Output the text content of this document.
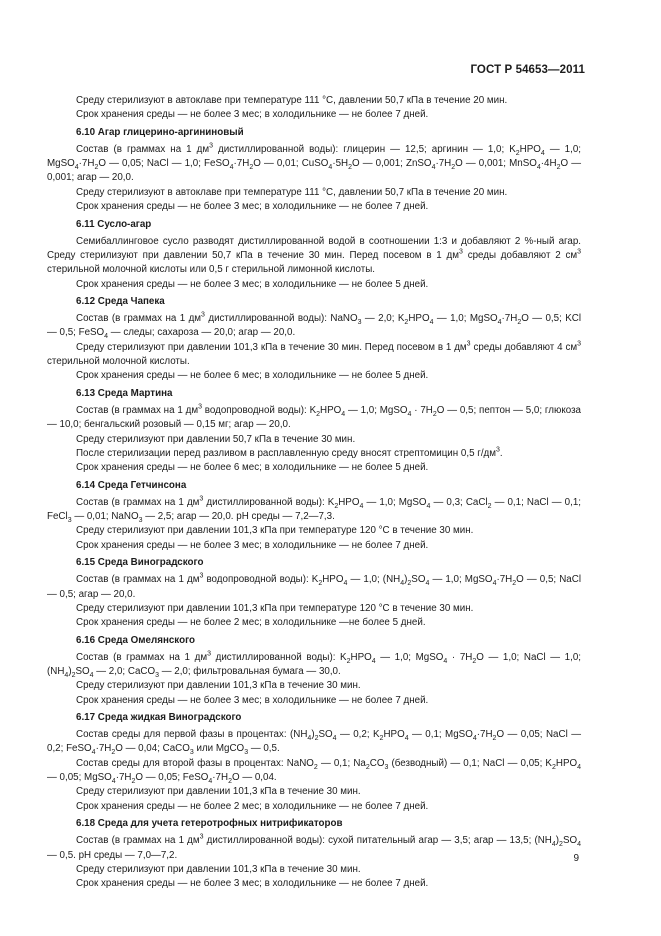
ГОСТ Р 54653—2011

Среду стерилизуют в автоклаве при температуре 111 °С, давлении 50,7 кПа в течение 20 мин.

Срок хранения среды — не более 3 мес; в холодильнике — не более 7 дней.

6.10 Агар глицерино-аргининовый

Состав (в граммах на 1 $дм^3$ дистиллированной воды): глицерин — 12,5; аргинин — 1,0; $K_2HPO_4$ — 1,0; $MgSO_4\cdot 7H_2O$ — 0,05; NaCl — 1,0; $FeSO_4\cdot 7H_2O$ — 0,01; $CuSO_4\cdot 5H_2O$ — 0,001; $ZnSO_4\cdot 7H_2O$ — 0,001; $MnSO_4\cdot 4H_2O$ — 0,001; агар — 20,0.

Среду стерилизуют в автоклаве при температуре 111 °С, давлении 50,7 кПа в течение 20 мин.

Срок хранения среды — не более 3 мес; в холодильнике — не более 7 дней.

6.11 Сусло-агар

Семибаллинговое сусло разводят дистиллированной водой в соотношении 1:3 и добавляют 2 %-ный агар. Среду стерилизуют при давлении 50,7 кПа в течение 30 мин. Перед посевом в 1 $дм^3$ среды добавляют 2 $см^3$ стерильной молочной кислоты или 0,5 г стерильной лимонной кислоты.

Срок хранения среды — не более 3 мес; в холодильнике — не более 5 дней.

6.12 Среда Чапека

Состав (в граммах на 1 $дм^3$ дистиллированной воды): NaNO$_3$ — 2,0; $K_2HPO_4$ — 1,0; $MgSO_4\cdot 7H_2O$ — 0,5; KCl — 0,5; FeSO$_4$ — следы; сахароза — 20,0; агар — 20,0.

Среду стерилизуют при давлении 101,3 кПа в течение 30 мин. Перед посевом в 1 $дм^3$ среды добавляют 4 $см^3$ стерильной молочной кислоты.

Срок хранения среды — не более 6 мес; в холодильнике — не более 5 дней.

6.13 Среда Мартина

Состав (в граммах на 1 $дм^3$ водопроводной воды): $K_2HPO_4$ — 1,0; MgSO$_4$ · $7H_2O$ — 0,5; пептон — 5,0; глюкоза — 10,0; бенгальский розовый — 0,15 мг; агар — 20,0.

Среду стерилизуют при давлении 50,7 кПа в течение 30 мин.

После стерилизации перед разливом в расплавленную среду вносят стрептомицин 0,5 $г/дм^3$.

Срок хранения среды — не более 6 мес; в холодильнике — не более 5 дней.

6.14 Среда Гетчинсона

Состав (в граммах на 1 $дм^3$ дистиллированной воды): $K_2HPO_4$ — 1,0; MgSO$_4$ — 0,3; CaCl$_2$ — 0,1; NaCl — 0,1; FeCl$_3$ — 0,01; NaNO$_3$ — 2,5; агар — 20,0. pH среды — 7,2—7,3.

Среду стерилизуют при давлении 101,3 кПа при температуре 120 °С в течение 30 мин.

Срок хранения среды — не более 3 мес; в холодильнике — не более 7 дней.

6.15 Среда Виноградского

Состав (в граммах на 1 $дм^3$ водопроводной воды): $K_2HPO_4$ — 1,0; $(NH_4)_2SO_4$ — 1,0; $MgSO_4\cdot 7H_2O$ — 0,5; NaCl — 0,5; агар — 20,0.

Среду стерилизуют при давлении 101,3 кПа при температуре 120 °С в течение 30 мин.

Срок хранения среды — не более 2 мес; в холодильнике —не более 5 дней.

6.16 Среда Омелянского

Состав (в граммах на 1 $дм^3$ дистиллированной воды): $K_2HPO_4$ — 1,0; MgSO$_4$ · $7H_2O$ — 1,0; NaCl — 1,0; $(NH_4)_2SO_4$ — 2,0; CaCO$_3$ — 2,0; фильтровальная бумага — 30,0.

Среду стерилизуют при давлении 101,3 кПа в течение 30 мин.

Срок хранения среды — не более 3 мес; в холодильнике — не более 7 дней.

6.17 Среда жидкая Виноградского

Состав среды для первой фазы в процентах: $(NH_4)_2SO_4$ — 0,2; $K_2HPO_4$ — 0,1; $MgSO_4\cdot 7H_2O$ — 0,05; NaCl — 0,2; $FeSO_4\cdot 7H_2O$ — 0,04; CaCO$_3$ или MgCO$_3$ — 0,5.

Состав среды для второй фазы в процентах: NaNO$_2$ — 0,1; $Na_2CO_3$ (безводный) — 0,1; NaCl — 0,05; $K_2HPO_4$ — 0,05; $MgSO_4\cdot 7H_2O$ — 0,05; $FeSO_4\cdot 7H_2O$ — 0,04.

Среду стерилизуют при давлении 101,3 кПа в течение 30 мин.

Срок хранения среды — не более 2 мес; в холодильнике — не более 7 дней.

6.18 Среда для учета гетеротрофных нитрификаторов

Состав (в граммах на 1 $дм^3$ дистиллированной воды): сухой питательный агар — 3,5; агар — 13,5; $(NH_4)_2SO_4$ — 0,5. pH среды — 7,0—7,2.

Среду стерилизуют при давлении 101,3 кПа в течение 30 мин.

Срок хранения среды — не более 3 мес; в холодильнике — не более 7 дней.

9
